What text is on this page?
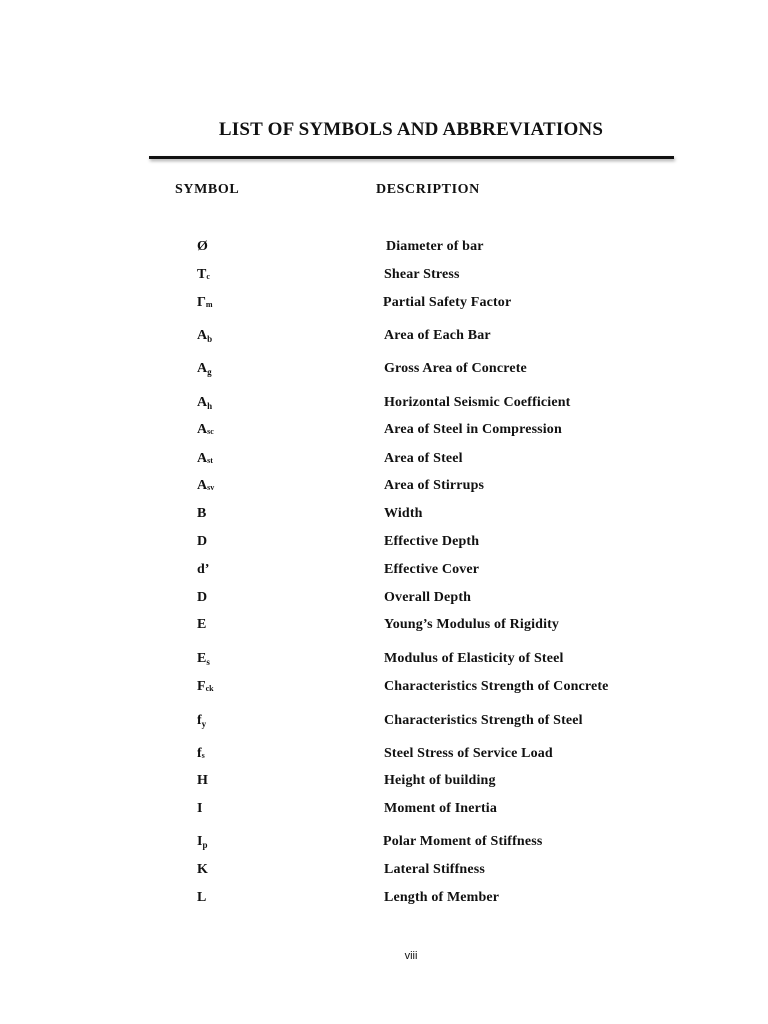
LIST OF SYMBOLS AND ABBREVIATIONS
SYMBOL	DESCRIPTION
Ø	Diameter of bar
$T_c$	Shear Stress
$\Gamma_m$	Partial Safety Factor
$A_b$	Area of Each Bar
$A_g$	Gross Area of Concrete
$A_h$	Horizontal Seismic Coefficient
$A_{sc}$	Area of Steel in Compression
$A_{st}$	Area of Steel
$A_{sv}$	Area of Stirrups
B	Width
D	Effective Depth
d’	Effective Cover
D	Overall Depth
E	Young’s Modulus of Rigidity
$E_s$	Modulus of Elasticity of Steel
$F_{ck}$	Characteristics Strength of Concrete
$f_y$	Characteristics Strength of Steel
$f_s$	Steel Stress of Service Load
H	Height of building
I	Moment of Inertia
$I_p$	Polar Moment of Stiffness
K	Lateral Stiffness
L	Length of Member
viii
